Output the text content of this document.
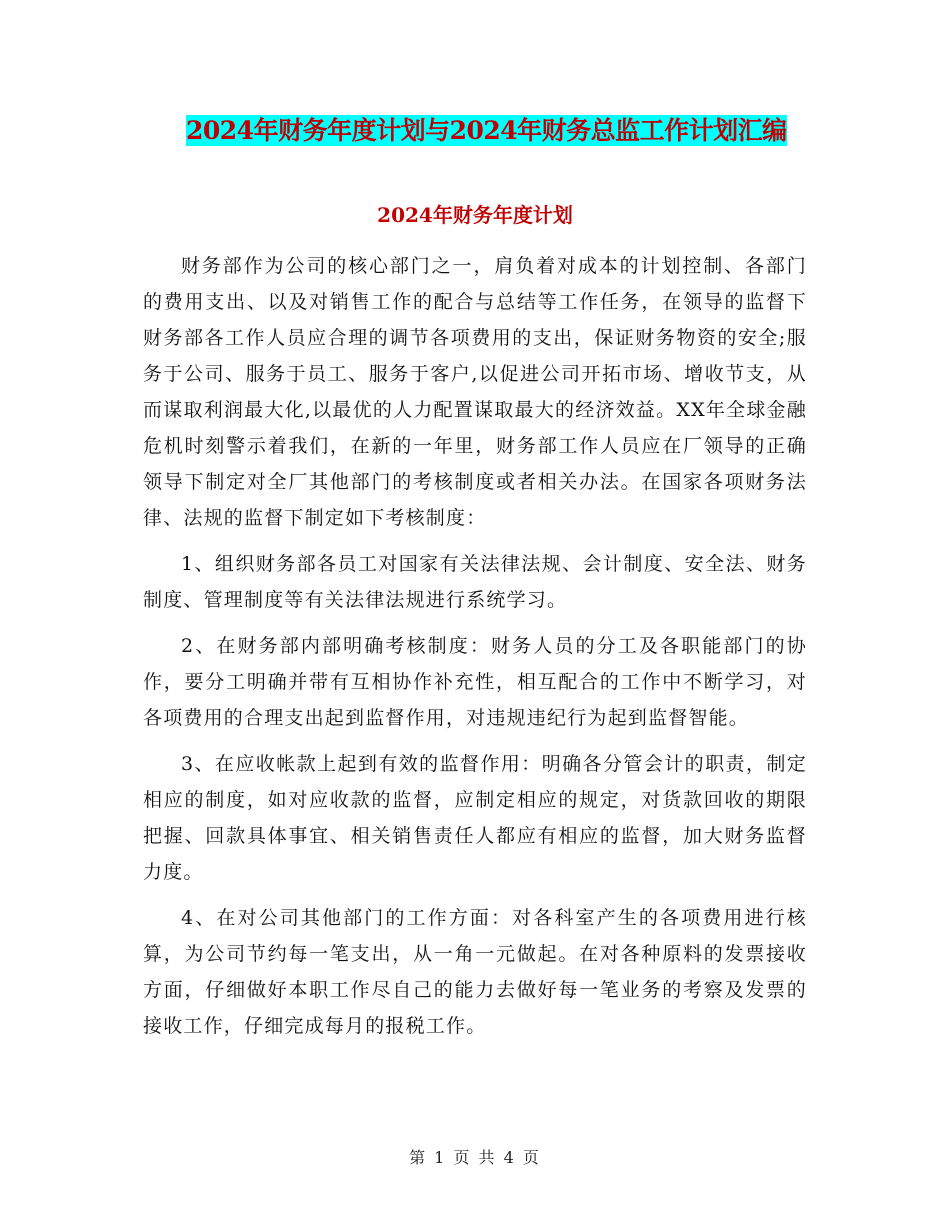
2024年财务年度计划与2024年财务总监工作计划汇编
2024年财务年度计划

财务部作为公司的核心部门之一，肩负着对成本的计划控制、各部门的费用支出、以及对销售工作的配合与总结等工作任务，在领导的监督下财务部各工作人员应合理的调节各项费用的支出，保证财务物资的安全;服务于公司、服务于员工、服务于客户,以促进公司开拓市场、增收节支，从而谋取利润最大化,以最优的人力配置谋取最大的经济效益。XX年全球金融危机时刻警示着我们，在新的一年里，财务部工作人员应在厂领导的正确领导下制定对全厂其他部门的考核制度或者相关办法。在国家各项财务法律、法规的监督下制定如下考核制度：

1、组织财务部各员工对国家有关法律法规、会计制度、安全法、财务制度、管理制度等有关法律法规进行系统学习。

2、在财务部内部明确考核制度：财务人员的分工及各职能部门的协作，要分工明确并带有互相协作补充性，相互配合的工作中不断学习，对各项费用的合理支出起到监督作用，对违规违纪行为起到监督智能。

3、在应收帐款上起到有效的监督作用：明确各分管会计的职责，制定相应的制度，如对应收款的监督，应制定相应的规定，对货款回收的期限把握、回款具体事宜、相关销售责任人都应有相应的监督，加大财务监督力度。

4、在对公司其他部门的工作方面：对各科室产生的各项费用进行核算，为公司节约每一笔支出，从一角一元做起。在对各种原料的发票接收方面，仔细做好本职工作尽自己的能力去做好每一笔业务的考察及发票的接收工作，仔细完成每月的报税工作。

第 1 页 共 4 页
